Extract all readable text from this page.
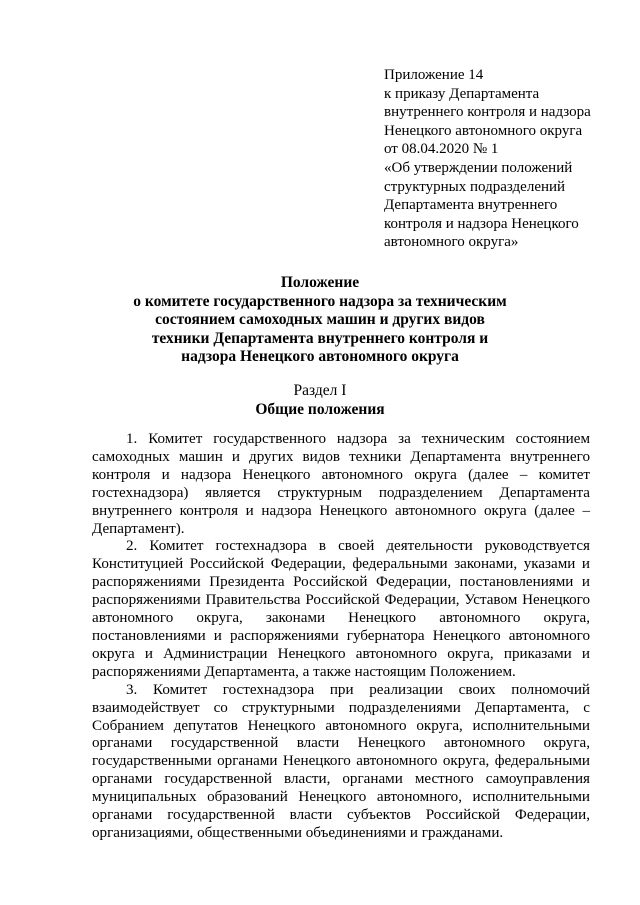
Приложение 14
к приказу Департамента
внутреннего контроля и надзора
Ненецкого автономного округа
от 08.04.2020 № 1
«Об утверждении положений
структурных подразделений
Департамента внутреннего
контроля и надзора Ненецкого
автономного округа»
Положение
о комитете государственного надзора за техническим
состоянием самоходных машин и других видов
техники Департамента внутреннего контроля и
надзора Ненецкого автономного округа
Раздел I
Общие положения

1. Комитет государственного надзора за техническим состоянием самоходных машин и других видов техники Департамента внутреннего контроля и надзора Ненецкого автономного округа (далее – комитет гостехнадзора) является структурным подразделением Департамента внутреннего контроля и надзора Ненецкого автономного округа (далее – Департамент).

2. Комитет гостехнадзора в своей деятельности руководствуется Конституцией Российской Федерации, федеральными законами, указами и распоряжениями Президента Российской Федерации, постановлениями и распоряжениями Правительства Российской Федерации, Уставом Ненецкого автономного округа, законами Ненецкого автономного округа, постановлениями и распоряжениями губернатора Ненецкого автономного округа и Администрации Ненецкого автономного округа, приказами и распоряжениями Департамента, а также настоящим Положением.

3. Комитет гостехнадзора при реализации своих полномочий взаимодействует со структурными подразделениями Департамента, с Собранием депутатов Ненецкого автономного округа, исполнительными органами государственной власти Ненецкого автономного округа, государственными органами Ненецкого автономного округа, федеральными органами государственной власти, органами местного самоуправления муниципальных образований Ненецкого автономного, исполнительными органами государственной власти субъектов Российской Федерации, организациями, общественными объединениями и гражданами.
